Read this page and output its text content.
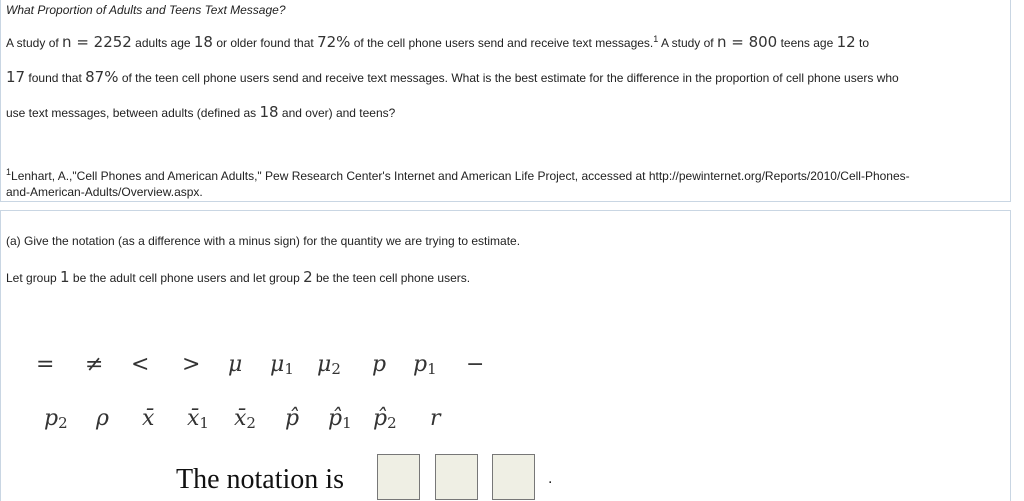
What Proportion of Adults and Teens Text Message?
A study of n = 2252 adults age 18 or older found that 72% of the cell phone users send and receive text messages.$^1$ A study of n = 800 teens age 12 to
17 found that 87% of the teen cell phone users send and receive text messages. What is the best estimate for the difference in the proportion of cell phone users who
use text messages, between adults (defined as 18 and over) and teens?
$^1$Lenhart, A.,"Cell Phones and American Adults," Pew Research Center's Internet and American Life Project, accessed at http://pewinternet.org/Reports/2010/Cell-Phones-
and-American-Adults/Overview.aspx.
(a) Give the notation (as a difference with a minus sign) for the quantity we are trying to estimate.
Let group 1 be the adult cell phone users and let group 2 be the teen cell phone users.
= ≠ < > μ $\mu_1$ $\mu_2$ p $p_1$ −
$p_2$ ρ x̄ $x̄_1$ $x̄_2$ p̂ $p̂_1$ $p̂_2$ r
The notation is	.
